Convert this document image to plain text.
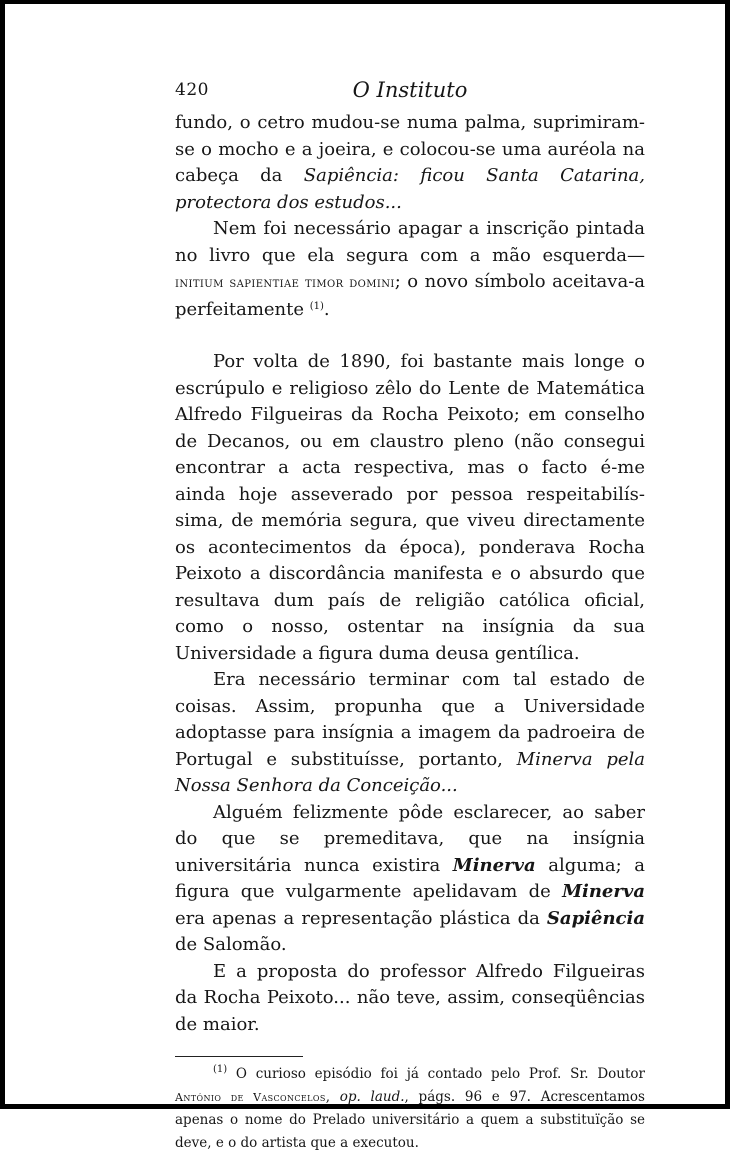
420	O Instituto

fundo, o cetro mudou-se numa palma, suprimiram-se o mocho e a joeira, e colocou-se uma auréola na cabeça da Sapiência: ficou Santa Catarina, protectora dos estudos...

Nem foi necessário apagar a inscrição pintada no livro que ela segura com a mão esquerda—initium sapientiae timor domini; o novo símbolo aceitava-a perfeitamente $^{(1)}$.

Por volta de 1890, foi bastante mais longe o escrúpulo e religioso zêlo do Lente de Matemática Alfredo Filgueiras da Rocha Peixoto; em conselho de Decanos, ou em claustro pleno (não consegui encontrar a acta respectiva, mas o facto é-me ainda hoje asseverado por pessoa respeitabilíssima, de memória segura, que viveu directamente os acontecimentos da época), ponderava Rocha Peixoto a discordância manifesta e o absurdo que resultava dum país de religião católica oficial, como o nosso, ostentar na insígnia da sua Universidade a figura duma deusa gentílica.

Era necessário terminar com tal estado de coisas. Assim, propunha que a Universidade adoptasse para insígnia a imagem da padroeira de Portugal e substituísse, portanto, Minerva pela Nossa Senhora da Conceição...

Alguém felizmente pôde esclarecer, ao saber do que se premeditava, que na insígnia universitária nunca existira Minerva alguma; a figura que vulgarmente apelidavam de Minerva era apenas a representação plástica da Sapiência de Salomão.

E a proposta do professor Alfredo Filgueiras da Rocha Peixoto... não teve, assim, conseqüências de maior.

$^{(1)}$ O curioso episódio foi já contado pelo Prof. Sr. Doutor António de Vasconcelos, op. laud., págs. 96 e 97. Acrescentamos apenas o nome do Prelado universitário a quem a substituïção se deve, e o do artista que a executou.
